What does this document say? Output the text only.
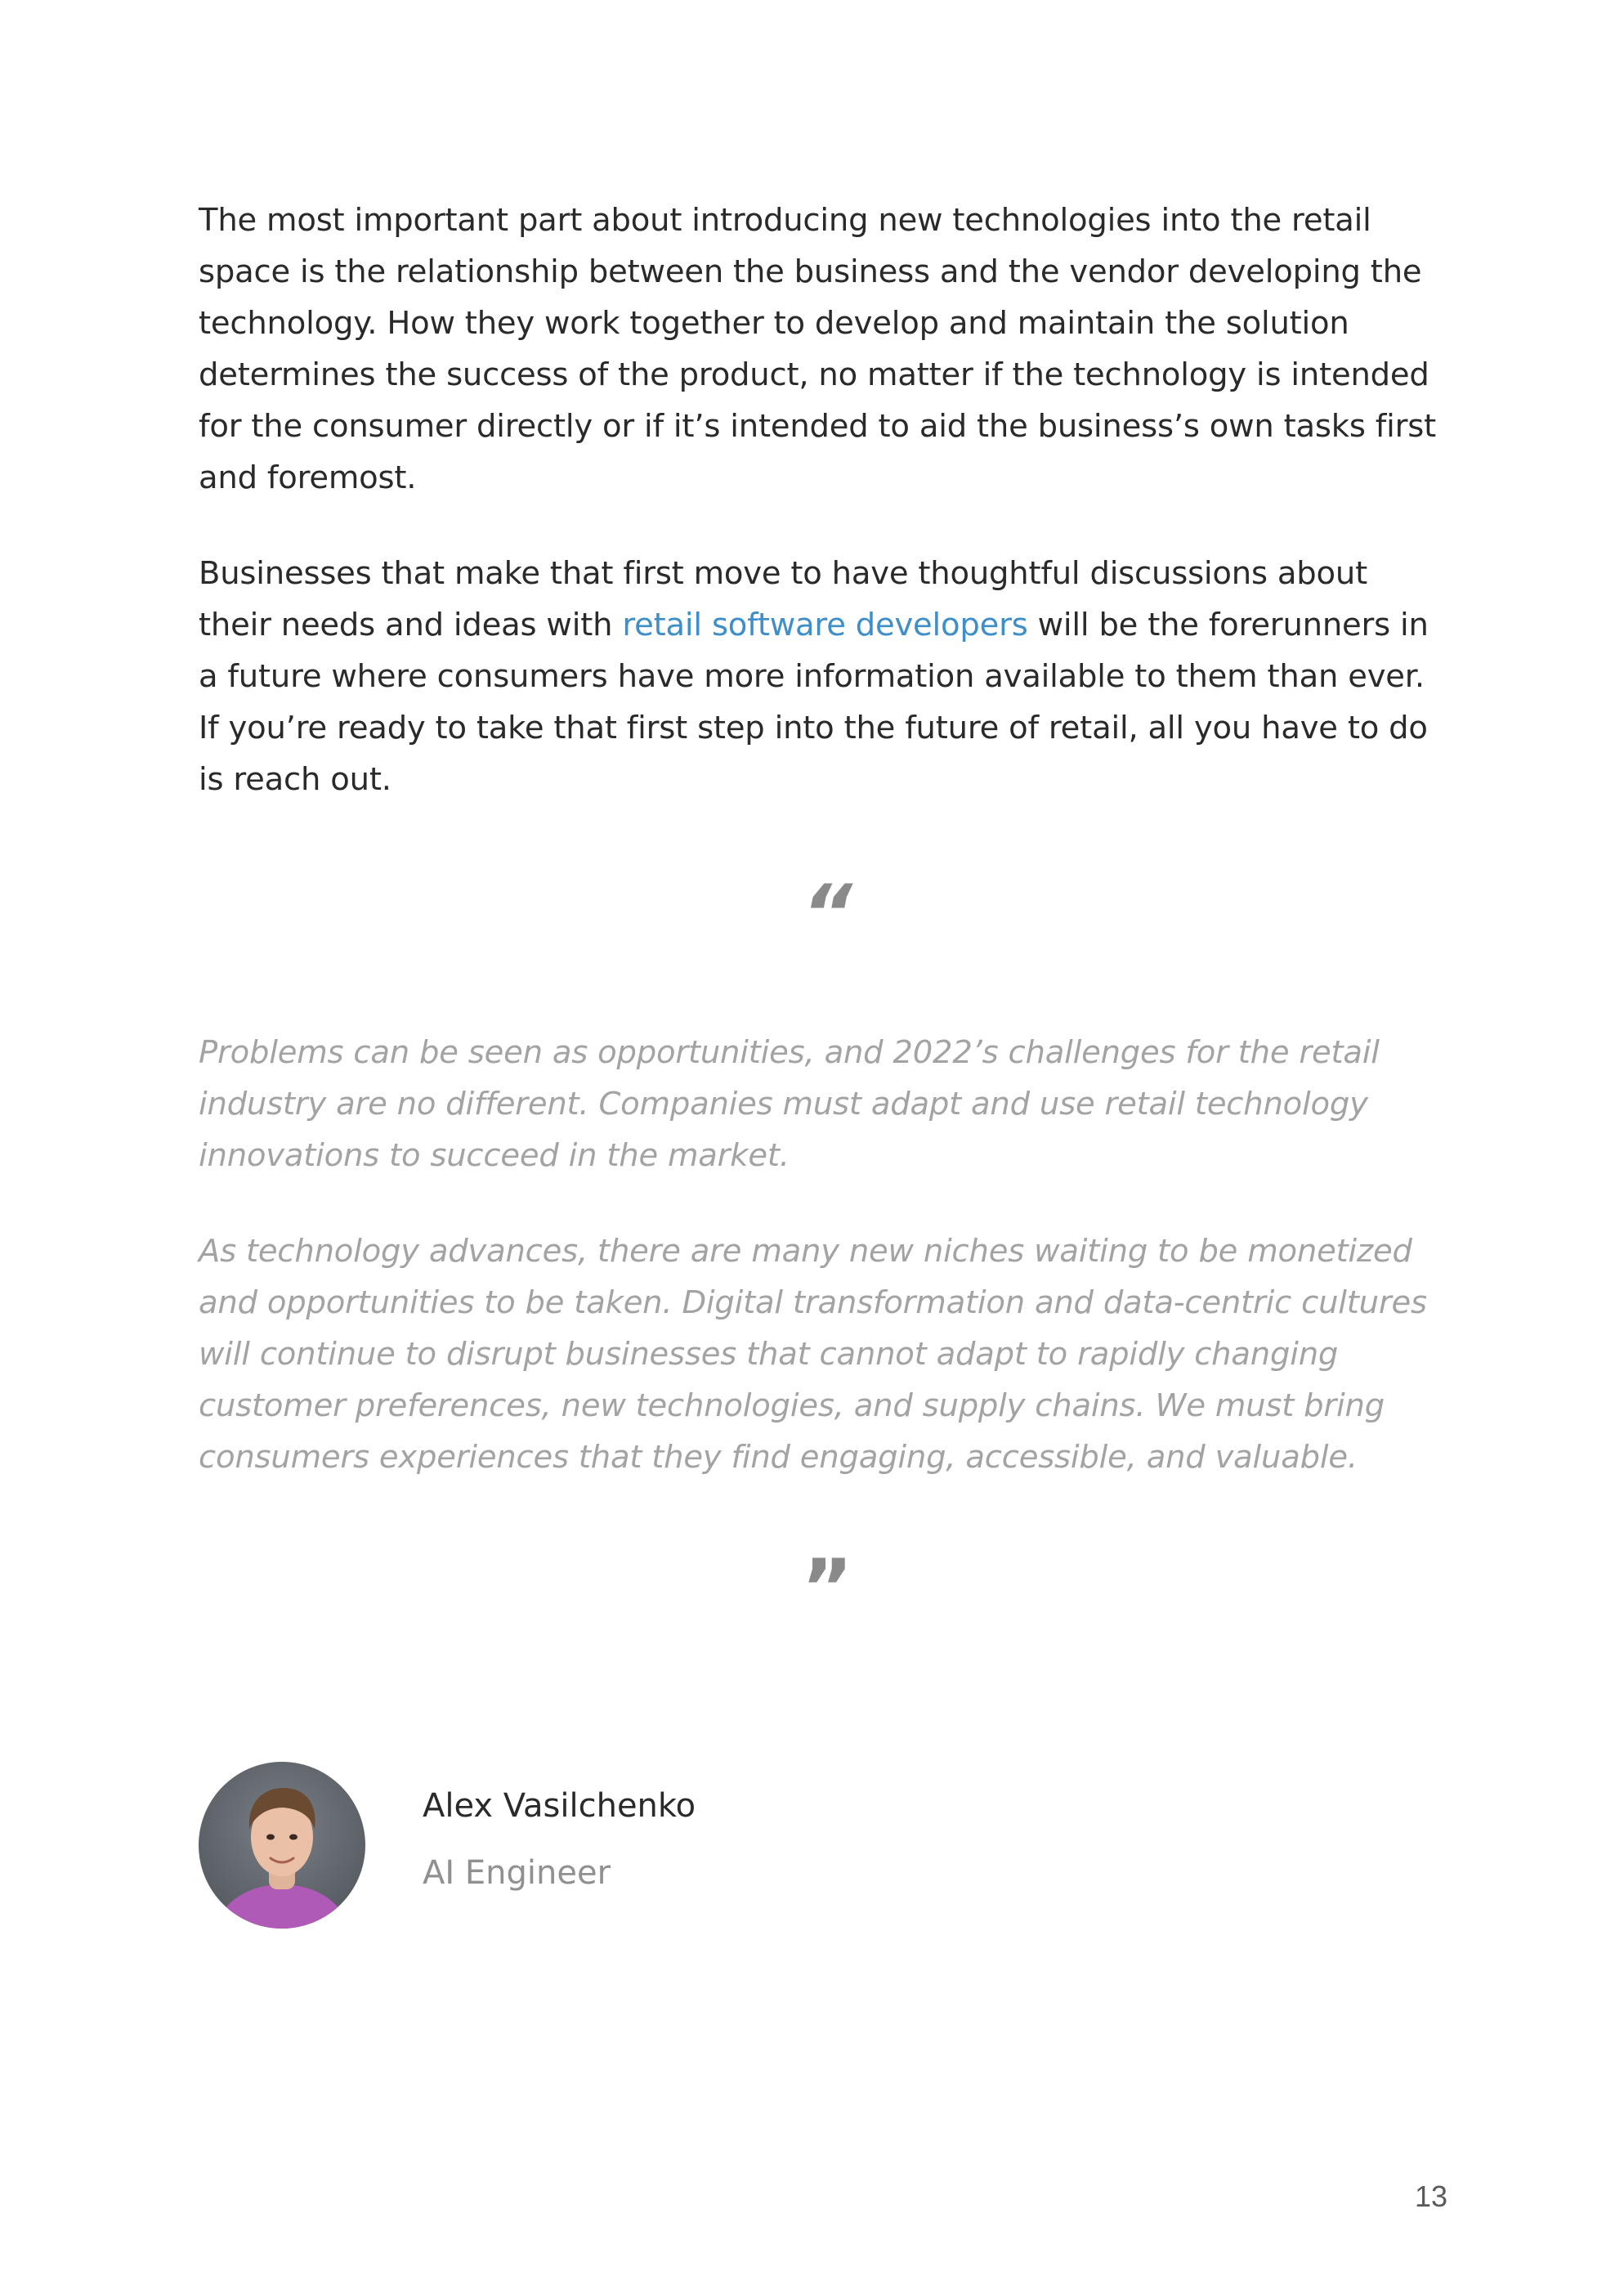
The most important part about introducing new technologies into the retail space is the relationship between the business and the vendor developing the technology. How they work together to develop and maintain the solution determines the success of the product, no matter if the technology is intended for the consumer directly or if it’s intended to aid the business’s own tasks first and foremost.

Businesses that make that first move to have thoughtful discussions about their needs and ideas with retail software developers will be the forerunners in a future where consumers have more information available to them than ever. If you’re ready to take that first step into the future of retail, all you have to do is reach out.

“

Problems can be seen as opportunities, and 2022’s challenges for the retail industry are no different. Companies must adapt and use retail technology innovations to succeed in the market.

As technology advances, there are many new niches waiting to be monetized and opportunities to be taken. Digital transformation and data-centric cultures will continue to disrupt businesses that cannot adapt to rapidly changing customer preferences, new technologies, and supply chains. We must bring consumers experiences that they find engaging, accessible, and valuable.

”
Alex Vasilchenko
AI Engineer
13
